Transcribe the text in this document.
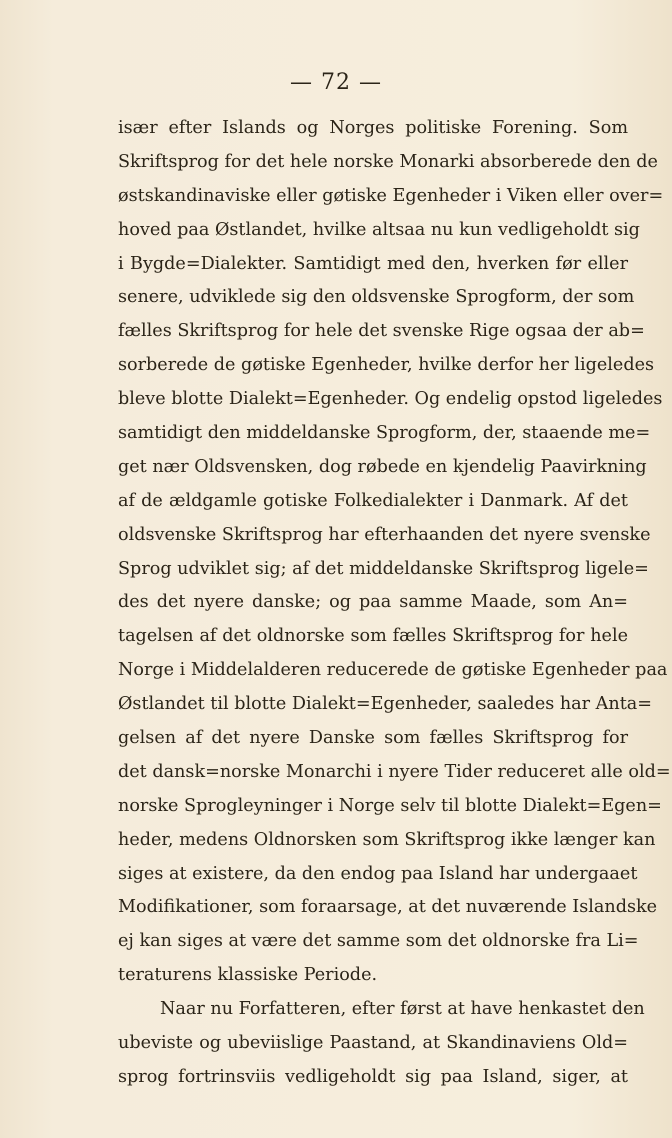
— 72 —
især efter Islands og Norges politiske Forening. Som
Skriftsprog for det hele norske Monarki absorberede den de
østskandinaviske eller gøtiske Egenheder i Viken eller over=
hoved paa Østlandet, hvilke altsaa nu kun vedligeholdt sig
i Bygde=Dialekter. Samtidigt med den, hverken før eller
senere, udviklede sig den oldsvenske Sprogform, der som
fælles Skriftsprog for hele det svenske Rige ogsaa der ab=
sorberede de gøtiske Egenheder, hvilke derfor her ligeledes
bleve blotte Dialekt=Egenheder. Og endelig opstod ligeledes
samtidigt den middeldanske Sprogform, der, staaende me=
get nær Oldsvensken, dog røbede en kjendelig Paavirkning
af de ældgamle gotiske Folkedialekter i Danmark. Af det
oldsvenske Skriftsprog har efterhaanden det nyere svenske
Sprog udviklet sig; af det middeldanske Skriftsprog ligele=
des det nyere danske; og paa samme Maade, som An=
tagelsen af det oldnorske som fælles Skriftsprog for hele
Norge i Middelalderen reducerede de gøtiske Egenheder paa
Østlandet til blotte Dialekt=Egenheder, saaledes har Anta=
gelsen af det nyere Danske som fælles Skriftsprog for
det dansk=norske Monarchi i nyere Tider reduceret alle old=
norske Sprogleyninger i Norge selv til blotte Dialekt=Egen=
heder, medens Oldnorsken som Skriftsprog ikke længer kan
siges at existere, da den endog paa Island har undergaaet
Modifikationer, som foraarsage, at det nuværende Islandske
ej kan siges at være det samme som det oldnorske fra Li=
teraturens klassiske Periode.
Naar nu Forfatteren, efter først at have henkastet den
ubeviste og ubeviislige Paastand, at Skandinaviens Old=
sprog fortrinsviis vedligeholdt sig paa Island, siger, at
